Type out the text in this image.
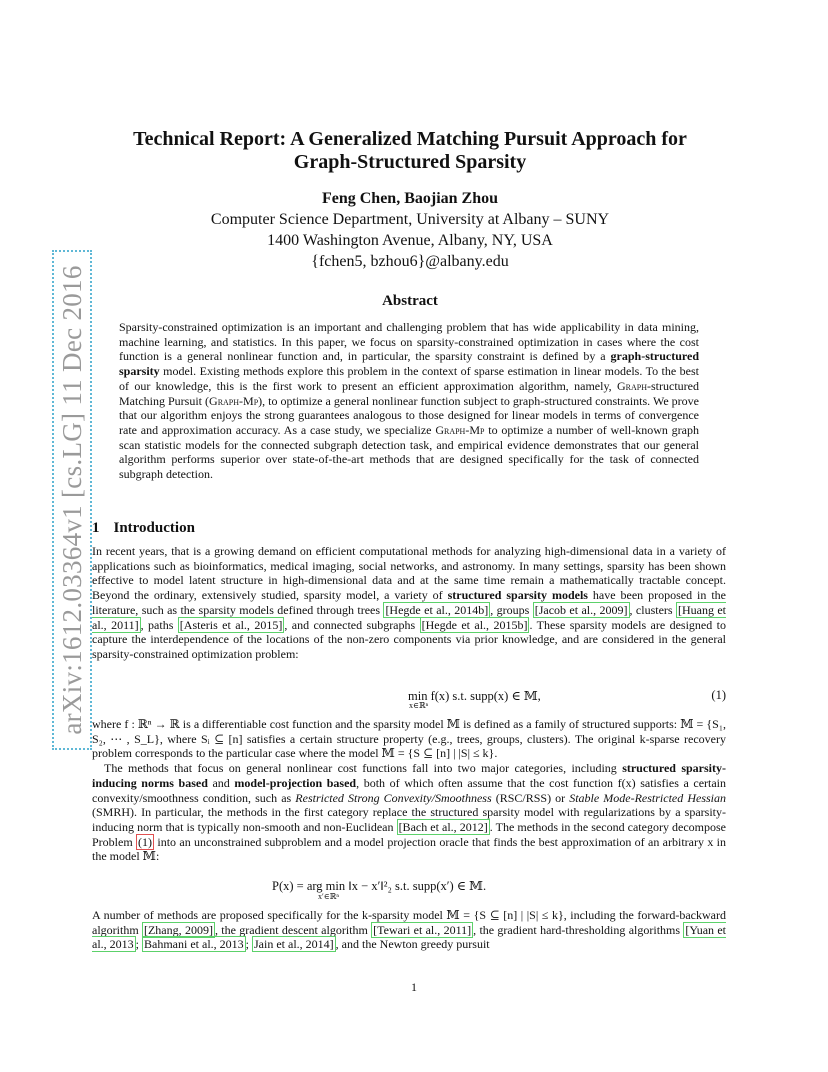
arXiv:1612.03364v1 [cs.LG] 11 Dec 2016
Technical Report: A Generalized Matching Pursuit Approach for
Graph-Structured Sparsity
Feng Chen, Baojian Zhou
Computer Science Department, University at Albany – SUNY
1400 Washington Avenue, Albany, NY, USA
{fchen5, bzhou6}@albany.edu
Abstract
Sparsity-constrained optimization is an important and challenging problem that has wide applicability in data mining, machine learning, and statistics. In this paper, we focus on sparsity-constrained optimization in cases where the cost function is a general nonlinear function and, in particular, the sparsity constraint is defined by a graph-structured sparsity model. Existing methods explore this problem in the context of sparse estimation in linear models. To the best of our knowledge, this is the first work to present an efficient approximation algorithm, namely, Graph-structured Matching Pursuit (Graph-Mp), to optimize a general nonlinear function subject to graph-structured constraints. We prove that our algorithm enjoys the strong guarantees analogous to those designed for linear models in terms of convergence rate and approximation accuracy. As a case study, we specialize Graph-Mp to optimize a number of well-known graph scan statistic models for the connected subgraph detection task, and empirical evidence demonstrates that our general algorithm performs superior over state-of-the-art methods that are designed specifically for the task of connected subgraph detection.
1 Introduction
In recent years, that is a growing demand on efficient computational methods for analyzing high-dimensional data in a variety of applications such as bioinformatics, medical imaging, social networks, and astronomy. In many settings, sparsity has been shown effective to model latent structure in high-dimensional data and at the same time remain a mathematically tractable concept. Beyond the ordinary, extensively studied, sparsity model, a variety of structured sparsity models have been proposed in the literature, such as the sparsity models defined through trees [Hegde et al., 2014b] , groups [Jacob et al., 2009] , clusters [Huang et al., 2011] , paths [Asteris et al., 2015] , and connected subgraphs [Hegde et al., 2015b] . These sparsity models are designed to capture the interdependence of the locations of the non-zero components via prior knowledge, and are considered in the general sparsity-constrained optimization problem:
min f(x) s.t. supp(x) ∈ 𝕄,
x∈ℝⁿ
(1)
where f : ℝⁿ → ℝ is a differentiable cost function and the sparsity model 𝕄 is defined as a family of structured supports: 𝕄 = {S₁, S₂, ⋯ , S_L}, where Sᵢ ⊆ [n] satisfies a certain structure property (e.g., trees, groups, clusters). The original k-sparse recovery problem corresponds to the particular case where the model 𝕄 = {S ⊆ [n] | |S| ≤ k}.
The methods that focus on general nonlinear cost functions fall into two major categories, including structured sparsity-inducing norms based and model-projection based, both of which often assume that the cost function f(x) satisfies a certain convexity/smoothness condition, such as Restricted Strong Convexity/Smoothness (RSC/RSS) or Stable Mode-Restricted Hessian (SMRH). In particular, the methods in the first category replace the structured sparsity model with regularizations by a sparsity-inducing norm that is typically non-smooth and non-Euclidean [Bach et al., 2012] . The methods in the second category decompose Problem (1) into an unconstrained subproblem and a model projection oracle that finds the best approximation of an arbitrary x in the model 𝕄:
P(x) = arg min ‖x − x′‖²₂ s.t. supp(x′) ∈ 𝕄.
x′∈ℝⁿ
A number of methods are proposed specifically for the k-sparsity model 𝕄 = {S ⊆ [n] | |S| ≤ k}, including the forward-backward algorithm [Zhang, 2009] , the gradient descent algorithm [Tewari et al., 2011] , the gradient hard-thresholding algorithms [Yuan et al., 2013 ; Bahmani et al., 2013 ; Jain et al., 2014] , and the Newton greedy pursuit
1
